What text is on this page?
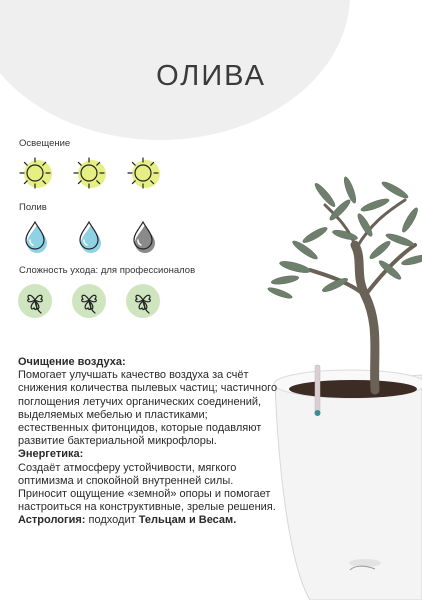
ОЛИВА
Освещение
Полив
Сложность ухода: для профессионалов

Очищение воздуха:

Помогает улучшать качество воздуха за счёт снижения количества пылевых частиц; частичного поглощения летучих органических соединений, выделяемых мебелью и пластиками; естественных фитонцидов, которые подавляют развитие бактериальной микрофлоры.

Энергетика:

Создаёт атмосферу устойчивости, мягкого оптимизма и спокойной внутренней силы. Приносит ощущение «земной» опоры и помогает настроиться на конструктивные, зрелые решения.

Астрология: подходит Тельцам и Весам.
